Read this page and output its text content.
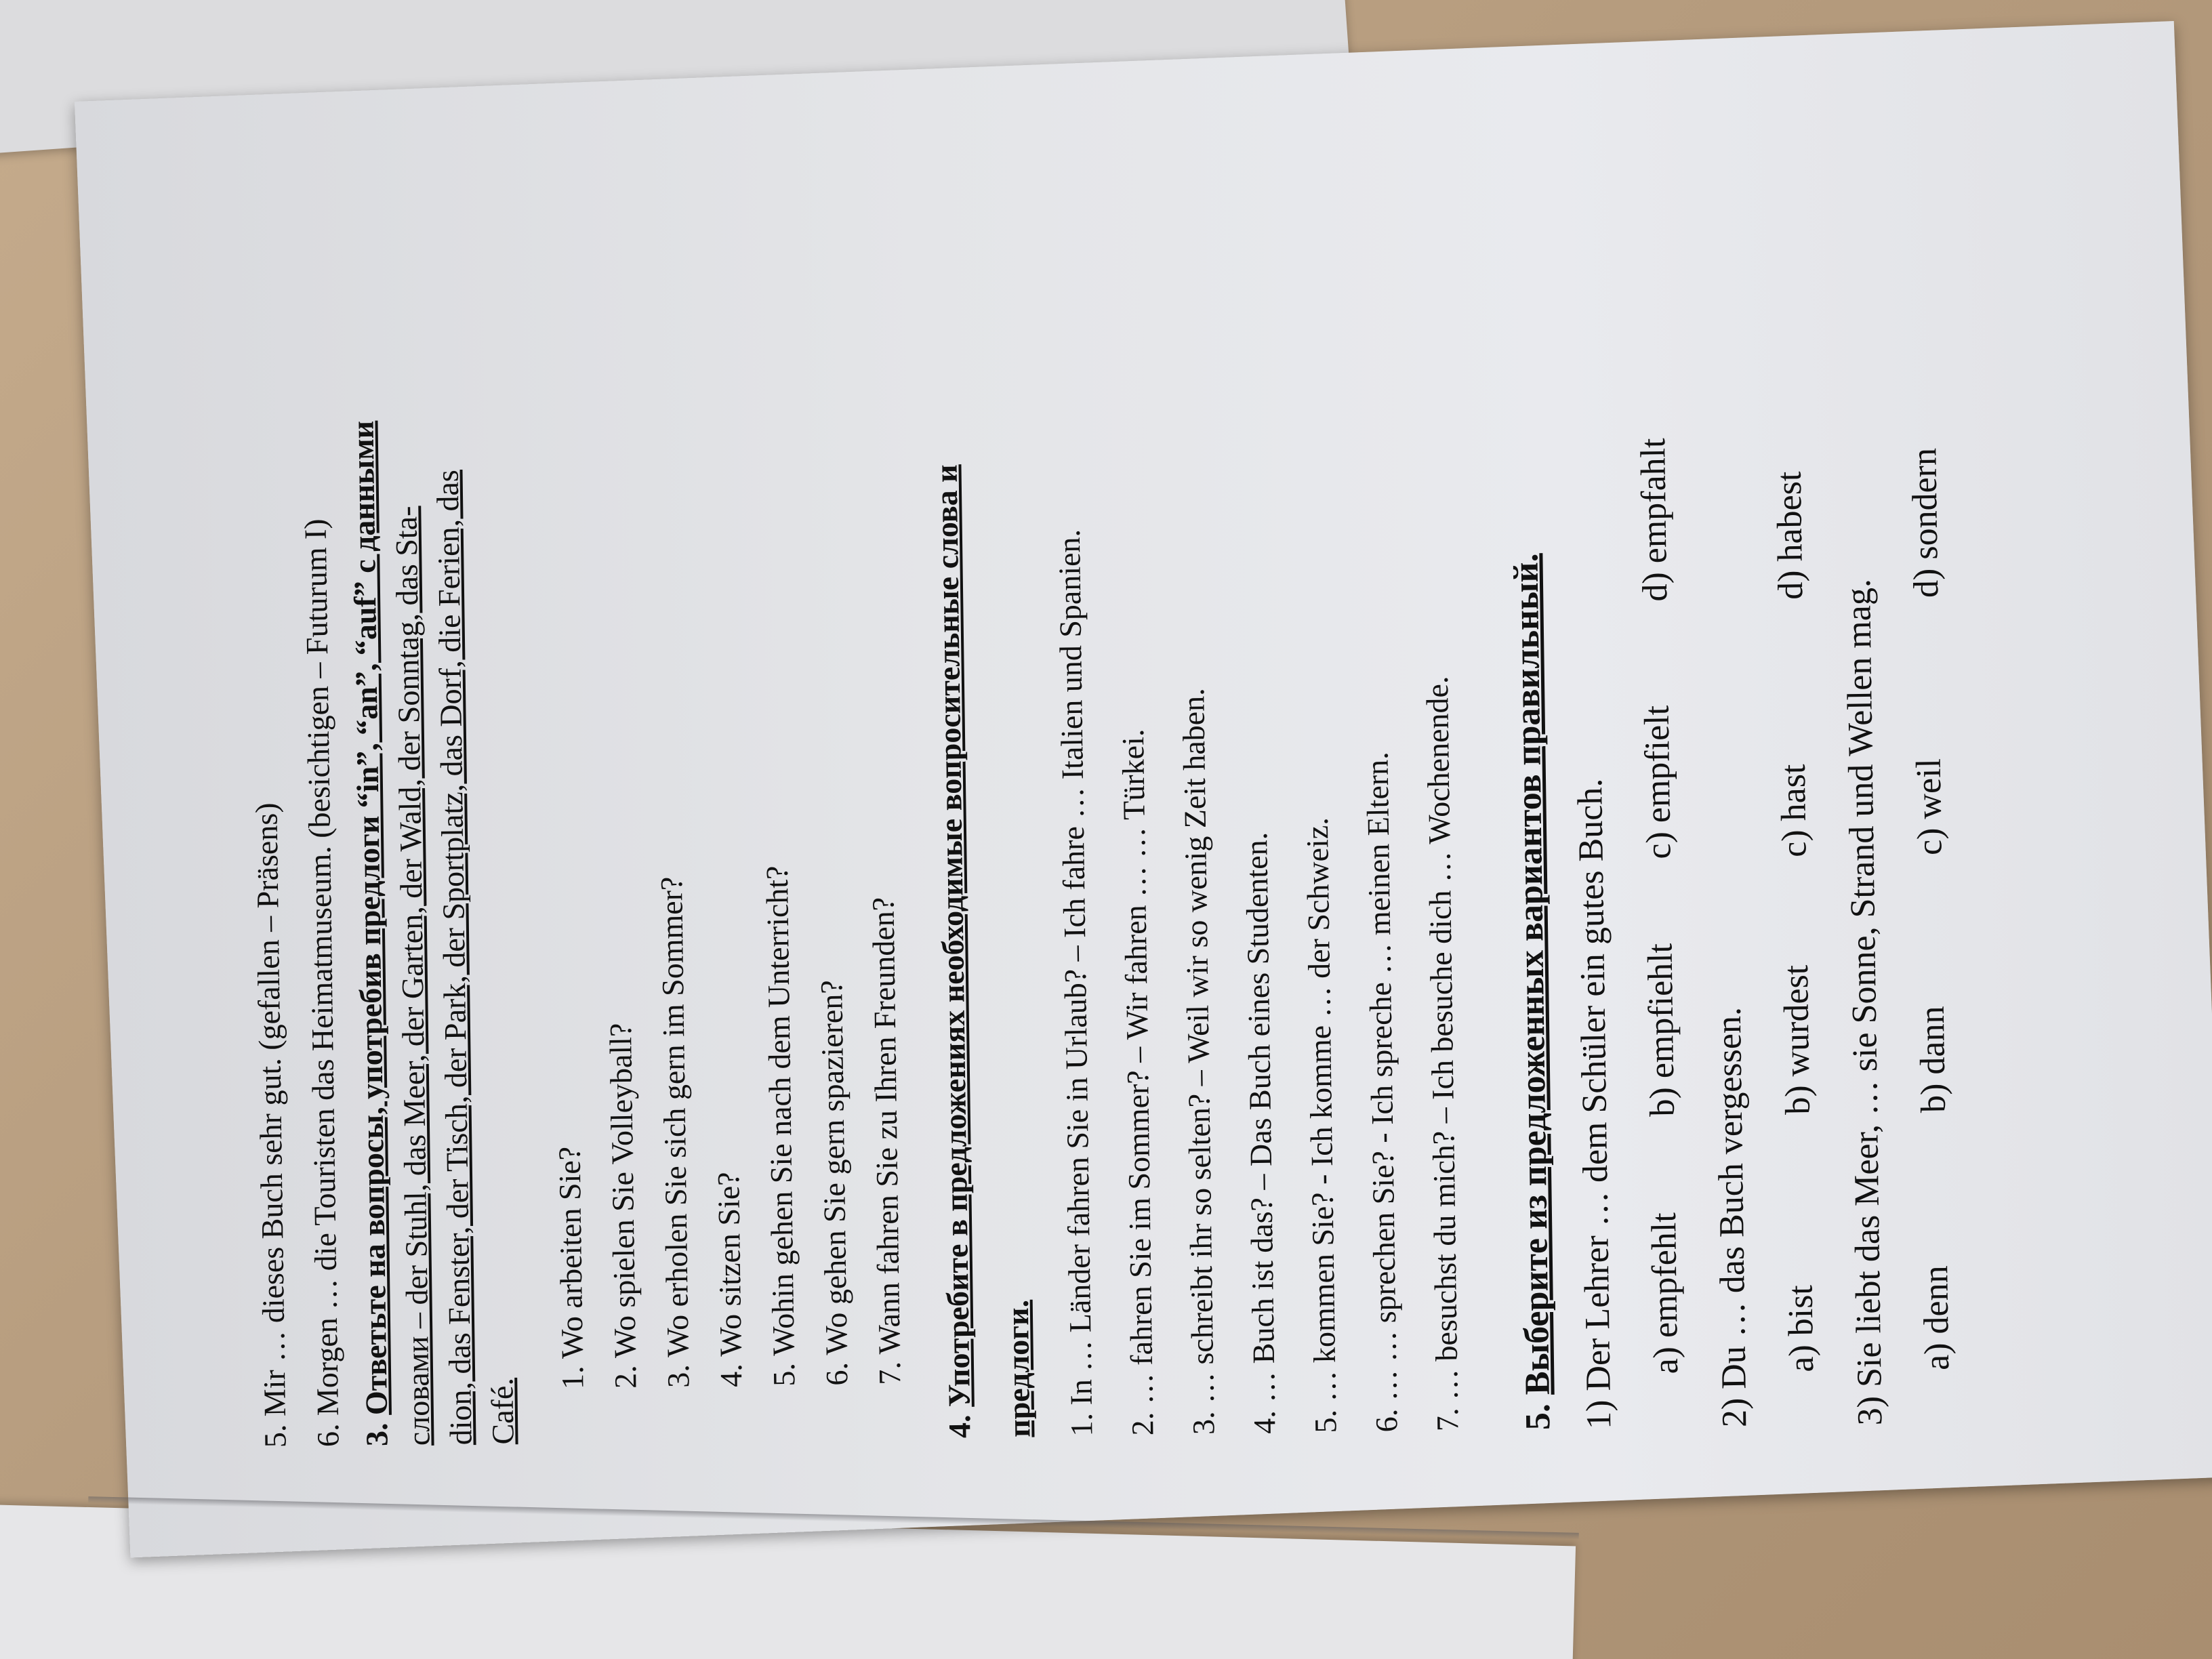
5. Mir … dieses Buch sehr gut. (gefallen – Präsens)
6. Morgen … die Touristen das Heimatmuseum. (besichtigen – Futurum I)
3. Ответьте на вопросы, употребив предлоги “in”, “an”, “auf” с данными
словами – der Stuhl, das Meer, der Garten, der Wald, der Sonntag, das Sta-
dion, das Fenster, der Tisch, der Park, der Sportplatz, das Dorf, die Ferien, das Café.
1. Wo arbeiten Sie?
2. Wo spielen Sie Volleyball?
3. Wo erholen Sie sich gern im Sommer?
4. Wo sitzen Sie?
5. Wohin gehen Sie nach dem Unterricht?
6. Wo gehen Sie gern spazieren?
7. Wann fahren Sie zu Ihren Freunden?
4. Употребите в предложениях необходимые вопросительные слова и предлоги. 1. In … Länder fahren Sie in Urlaub? – Ich fahre … Italien und Spanien. 2. … fahren Sie im Sommer? – Wir fahren … … Türkei. 3. … schreibt ihr so selten? – Weil wir so wenig Zeit haben. 4. … Buch ist das? – Das Buch eines Studenten. 5. … kommen Sie? - Ich komme … der Schweiz. 6. … … sprechen Sie? - Ich spreche … meinen Eltern. 7. … besuchst du mich? – Ich besuche dich … Wochenende.	5. Выберите из предложенных вариантов правильный. 1) Der Lehrer … dem Schüler ein gutes Buch. a) empfehltb) empfiehltc) empfieltd) empfahlt
2) Du … das Buch vergessen. a) bistb) wurdestc) hastd) habest
3) Sie liebt das Meer, … sie Sonne, Strand und Wellen mag. a) dennb) dannc) weild) sondern
